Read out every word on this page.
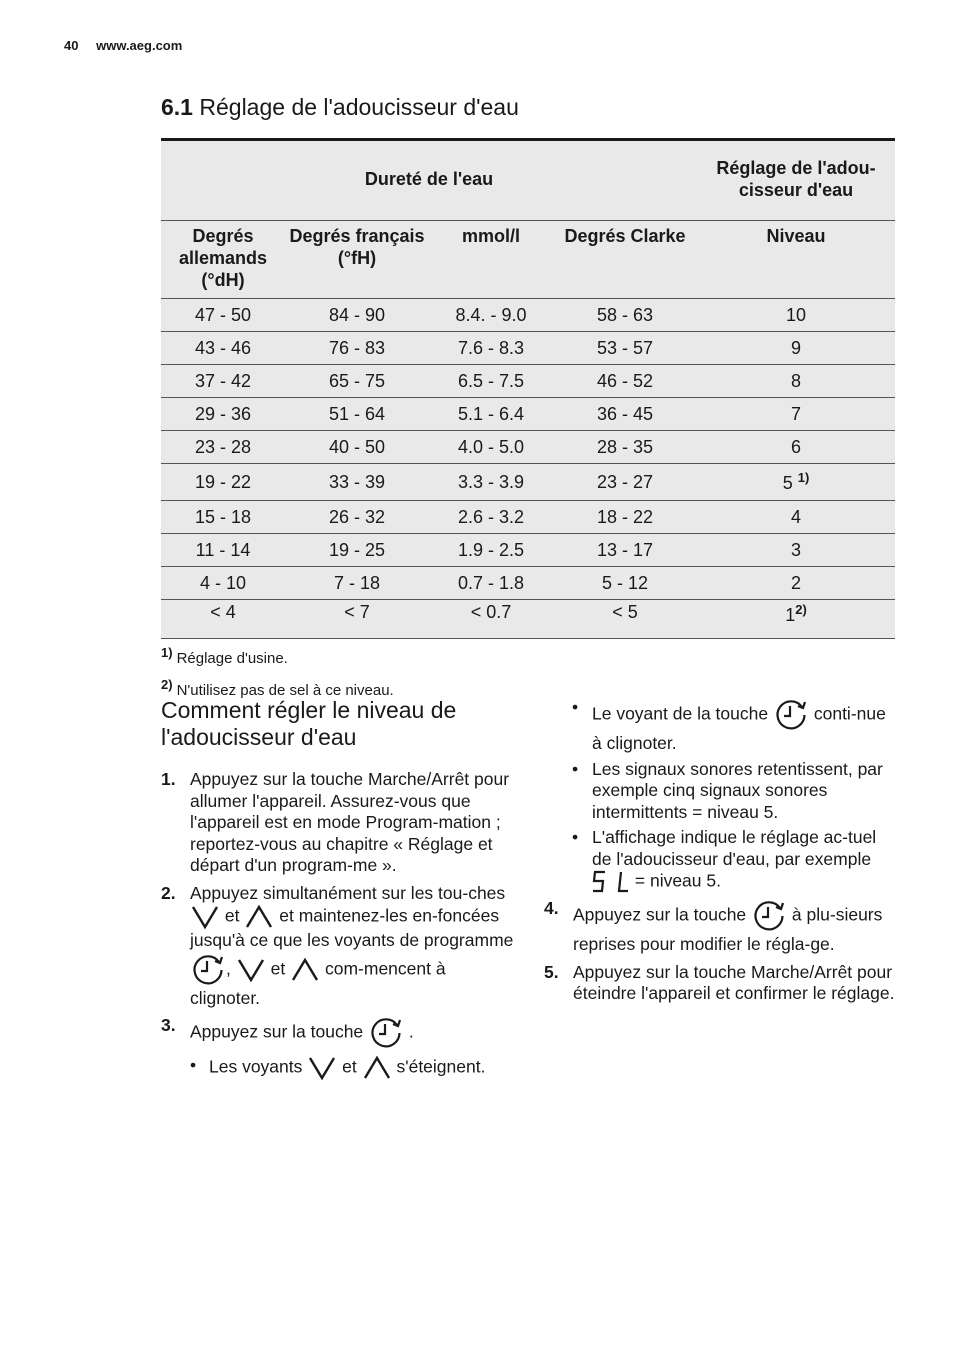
40 www.aeg.com
6.1 Réglage de l'adoucisseur d'eau
Dureté de l'eau				Réglage de l'adou-cisseur d'eau
Degrés allemands (°dH)	Degrés français (°fH)	mmol/l	Degrés Clarke	Niveau
47 - 50	84 - 90	8.4. - 9.0	58 - 63	10
43 - 46	76 - 83	7.6 - 8.3	53 - 57	9
37 - 42	65 - 75	6.5 - 7.5	46 - 52	8
29 - 36	51 - 64	5.1 - 6.4	36 - 45	7
23 - 28	40 - 50	4.0 - 5.0	28 - 35	6
19 - 22	33 - 39	3.3 - 3.9	23 - 27	5 $^{1)}$
15 - 18	26 - 32	2.6 - 3.2	18 - 22	4
11 - 14	19 - 25	1.9 - 2.5	13 - 17	3
4 - 10	7 - 18	0.7 - 1.8	5 - 12	2
< 4	< 7	< 0.7	< 5	1$^{2)}$
$^{1)}$ Réglage d'usine.
$^{2)}$ N'utilisez pas de sel à ce niveau.
Comment régler le niveau de l'adoucisseur d'eau
1. Appuyez sur la touche Marche/Arrêt pour allumer l'appareil. Assurez-vous que l'appareil est en mode Program-mation ; reportez-vous au chapitre « Réglage et départ d'un program-me ».
2. Appuyez simultanément sur les tou-ches
et et maintenez-les en-foncées jusqu'à ce que les voyants de programme
, et com-mencent à clignoter.
3. Appuyez sur la touche	.
• Les voyants et s'éteignent.
• Le voyant de la touche	conti-nue à clignoter.
• Les signaux sonores retentissent, par exemple cinq signaux sonores intermittents = niveau 5.
• L'affichage indique le réglage ac-tuel de l'adoucisseur d'eau, par exemple
= niveau 5.
4. Appuyez sur la touche	à plu-sieurs reprises pour modifier le régla-ge.
5. Appuyez sur la touche Marche/Arrêt pour éteindre l'appareil et confirmer le réglage.
